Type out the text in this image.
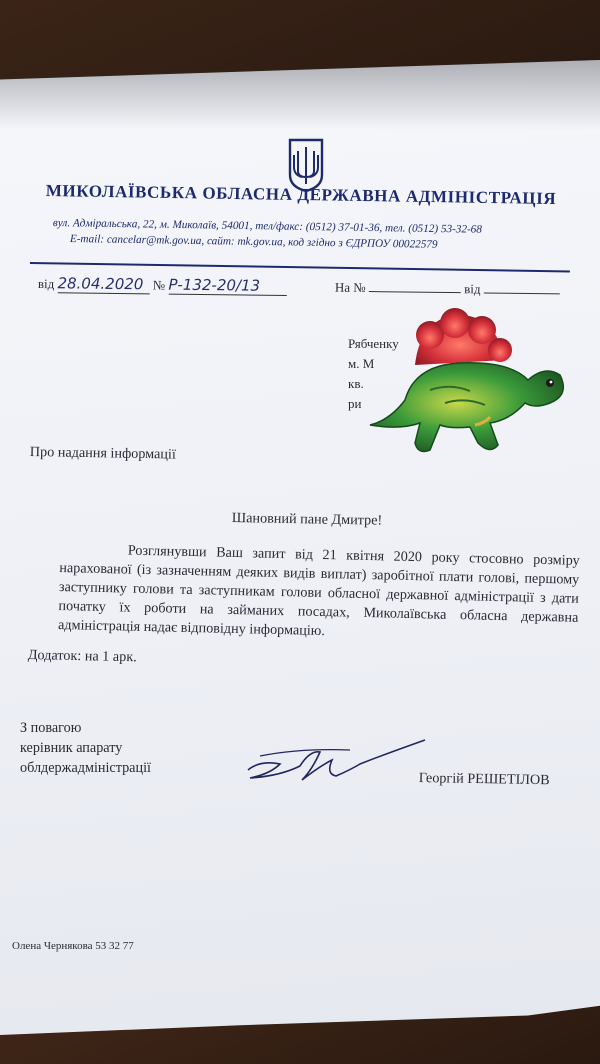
МИКОЛАЇВСЬКА ОБЛАСНА ДЕРЖАВНА АДМІНІСТРАЦІЯ
вул. Адміральська, 22, м. Миколаїв, 54001, тел/факс: (0512) 37-01-36, тел. (0512) 53-32-68
E-mail: cancelar@mk.gov.ua, сайт: mk.gov.ua, код згідно з ЄДРПОУ 00022579
від 28.04.2020 № Р-132-20/13	На №	від
Рябченку
м. М
кв.
ри
Про надання інформації
Шановний пане Дмитре!
Розглянувши Ваш запит від 21 квітня 2020 року стосовно розміру нарахованої (із зазначенням деяких видів виплат) заробітної плати голові, першому заступнику голови та заступникам голови обласної державної адміністрації з дати початку їх роботи на займаних посадах, Миколаївська обласна державна адміністрація надає відповідну інформацію.
Додаток: на 1 арк.
З повагою
керівник апарату
облдержадміністрації
Георгій РЕШЕТІЛОВ
Олена Чернякова 53 32 77
